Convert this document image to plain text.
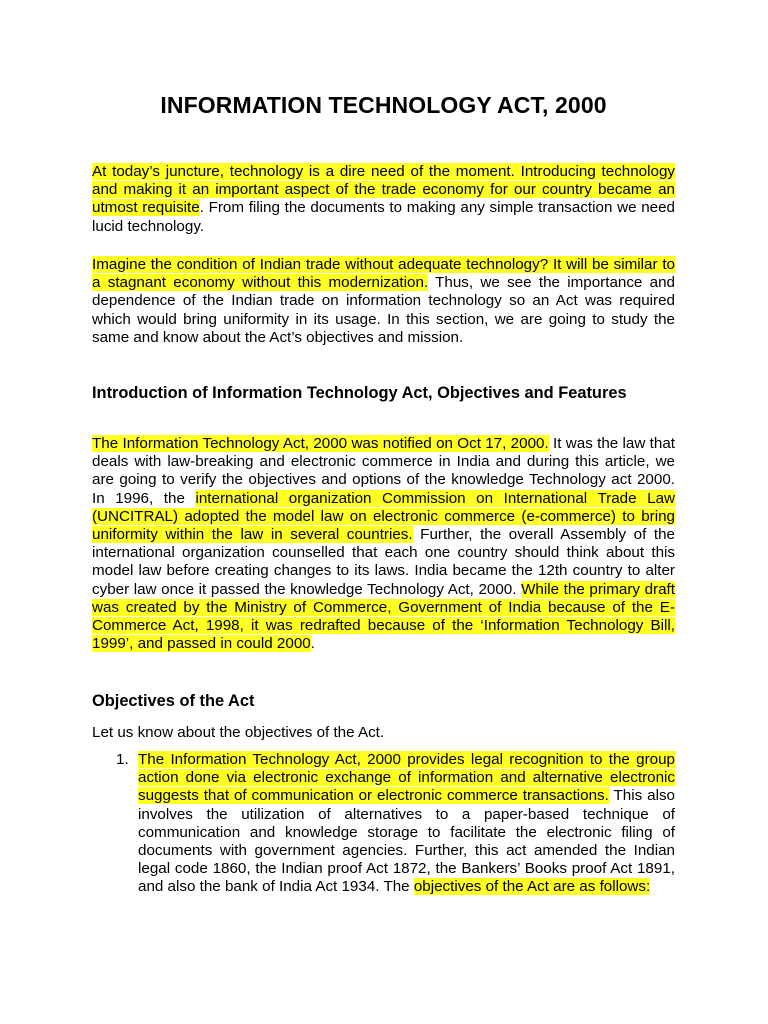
INFORMATION TECHNOLOGY ACT, 2000

At today’s juncture, technology is a dire need of the moment. Introducing technology and making it an important aspect of the trade economy for our country became an utmost requisite. From filing the documents to making any simple transaction we need lucid technology.

Imagine the condition of Indian trade without adequate technology? It will be similar to a stagnant economy without this modernization. Thus, we see the importance and dependence of the Indian trade on information technology so an Act was required which would bring uniformity in its usage. In this section, we are going to study the same and know about the Act’s objectives and mission.

Introduction of Information Technology Act, Objectives and Features

The Information Technology Act, 2000 was notified on Oct 17, 2000. It was the law that deals with law-breaking and electronic commerce in India and during this article, we are going to verify the objectives and options of the knowledge Technology act 2000. In 1996, the international organization Commission on International Trade Law (UNCITRAL) adopted the model law on electronic commerce (e-commerce) to bring uniformity within the law in several countries. Further, the overall Assembly of the international organization counselled that each one country should think about this model law before creating changes to its laws. India became the 12th country to alter cyber law once it passed the knowledge Technology Act, 2000. While the primary draft was created by the Ministry of Commerce, Government of India because of the E-Commerce Act, 1998, it was redrafted because of the ‘Information Technology Bill, 1999’, and passed in could 2000.

Objectives of the Act

Let us know about the objectives of the Act.

1. The Information Technology Act, 2000 provides legal recognition to the group action done via electronic exchange of information and alternative electronic suggests that of communication or electronic commerce transactions. This also involves the utilization of alternatives to a paper-based technique of communication and knowledge storage to facilitate the electronic filing of documents with government agencies. Further, this act amended the Indian legal code 1860, the Indian proof Act 1872, the Bankers’ Books proof Act 1891, and also the bank of India Act 1934. The objectives of the Act are as follows:
